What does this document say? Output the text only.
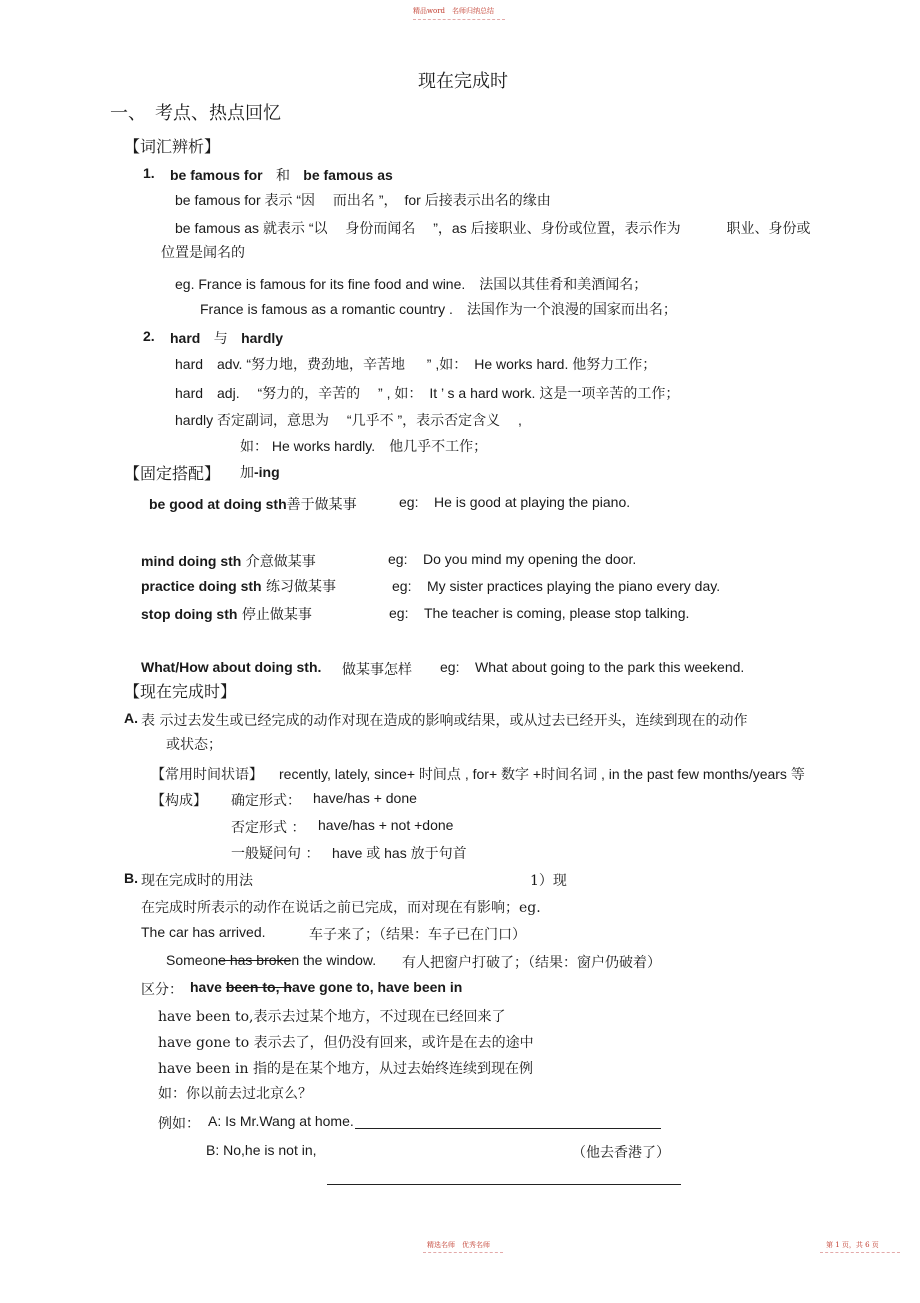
精品word　名师归纳总结
现在完成时
一、　考点、热点回忆
【词汇辨析】
1. be famous for 和 be famous as
be famous for 表示 “因 　而出名 ”，　for 后接表示出名的缘由
be famous as 就表示 “以 　身份而闻名 　”，as 后接职业、身份或位置，表示作为 　　　职业、身份或
位置是闻名的
eg. France is famous for its fine food and wine.　法国以其佳肴和美酒闻名；
France is famous as a romantic country .　法国作为一个浪漫的国家而出名；
2. hard 与 hardly
hard　adv. “努力地，费劲地，辛苦地 　 ” ,如：　He works hard. 他努力工作；
hard　adj. 　“努力的，辛苦的 　” , 如：　It ’ s a hard work. 这是一项辛苦的工作；
hardly 否定副词，意思为 　“几乎不 ”，表示否定含义 　,
如： He works hardly.　他几乎不工作；
【固定搭配】 加-ing
be good at doing sth善于做某事	eg: He is good at playing the piano.
mind doing sth 介意做某事	eg: Do you mind my opening the door.
practice doing sth 练习做某事	eg: My sister practices playing the piano every day.
stop doing sth 停止做某事	eg: The teacher is coming, please stop talking.
What/How about doing sth. 做某事怎样 eg: What about going to the park this weekend.
【现在完成时】
A. 表 示过去发生或已经完成的动作对现在造成的影响或结果，或从过去已经开头，连续到现在的动作
或状态；
【常用时间状语】 recently, lately, since+ 时间点 , for+ 数字 +时间名词 , in the past few months/years 等
【构成】 确定形式： have/has + done
否定形式 ： have/has + not +done
一般疑问句 ： have 或 has 放于句首
B. 现在完成时的用法	1）现
在完成时所表示的动作在说话之前已完成，而对现在有影响；eg.
The car has arrived.	车子来了；（结果：车子已在门口）
Someone has broken the window. 有人把窗户打破了；（结果：窗户仍破着）
区分： have been to, have gone to, have been in
have been to,表示去过某个地方，不过现在已经回来了
have gone to 表示去了，但仍没有回来，或许是在去的途中
have been in 指的是在某个地方，从过去始终连续到现在例
如：你以前去过北京么？
例如： A: Is Mr.Wang at home.
B: No,he is not in,	（他去香港了）
精选名师　优秀名师	第 1 页，共 6 页
